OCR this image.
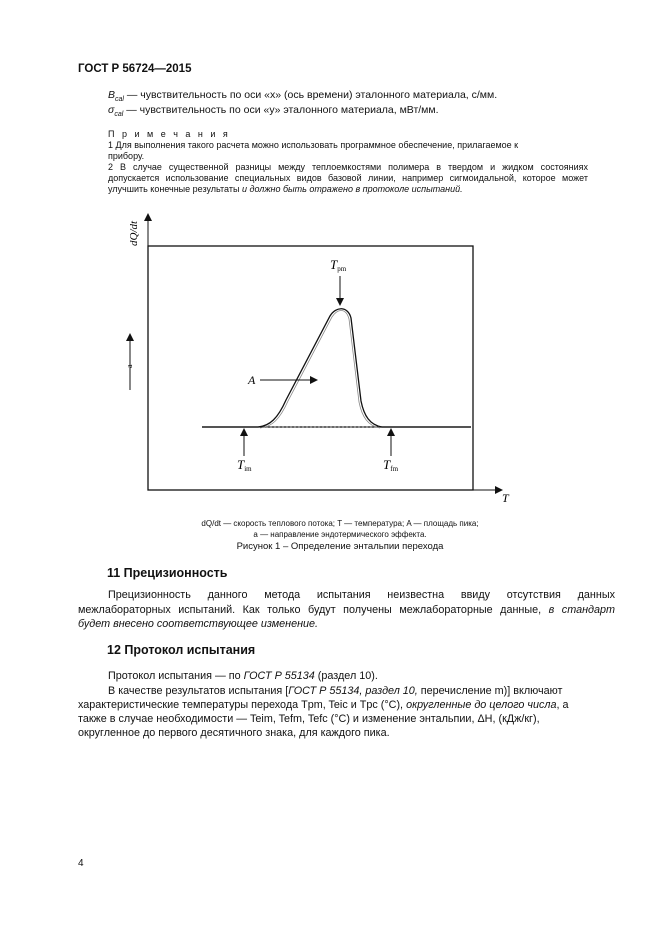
ГОСТ Р 56724—2015
$B_{cal}$ — чувствительность по оси «x» (ось времени) эталонного материала, с/мм.
$\sigma_{cal}$ — чувствительность по оси «y» эталонного материала, мВт/мм.
П р и м е ч а н и я
1 Для выполнения такого расчета можно использовать программное обеспечение, прилагаемое к
прибору.
2 В случае существенной разницы между теплоемкостями полимера в твердом и жидком состояниях
допускается использование специальных видов базовой линии, например сигмоидальной, которое может
улучшить конечные результаты и должно быть отражено в протоколе испытаний.
Tpm
Tim	Tfm
A
a
dQ/dt
T
dQ/dt — скорость теплового потока; T — температура; A — площадь пика;
a — направление эндотермического эффекта.
Рисунок 1 – Определение энтальпии перехода
11 Прецизионность
Прецизионность данного метода испытания неизвестна ввиду отсутствия данных
межлабораторных испытаний. Как только будут получены межлабораторные данные, в стандарт
будет внесено соответствующее изменение.
12 Протокол испытания
Протокол испытания — по ГОСТ Р 55134 (раздел 10).
В качестве результатов испытания [ГОСТ Р 55134, раздел 10, перечисление m)] включают
характеристические температуры перехода Tpm, Teic и Tpc (°C), округленные до целого числа, а
также в случае необходимости — Teim, Tefm, Tefc (°C) и изменение энтальпии, ΔH, (кДж/кг),
округленное до первого десятичного знака, для каждого пика.
4
